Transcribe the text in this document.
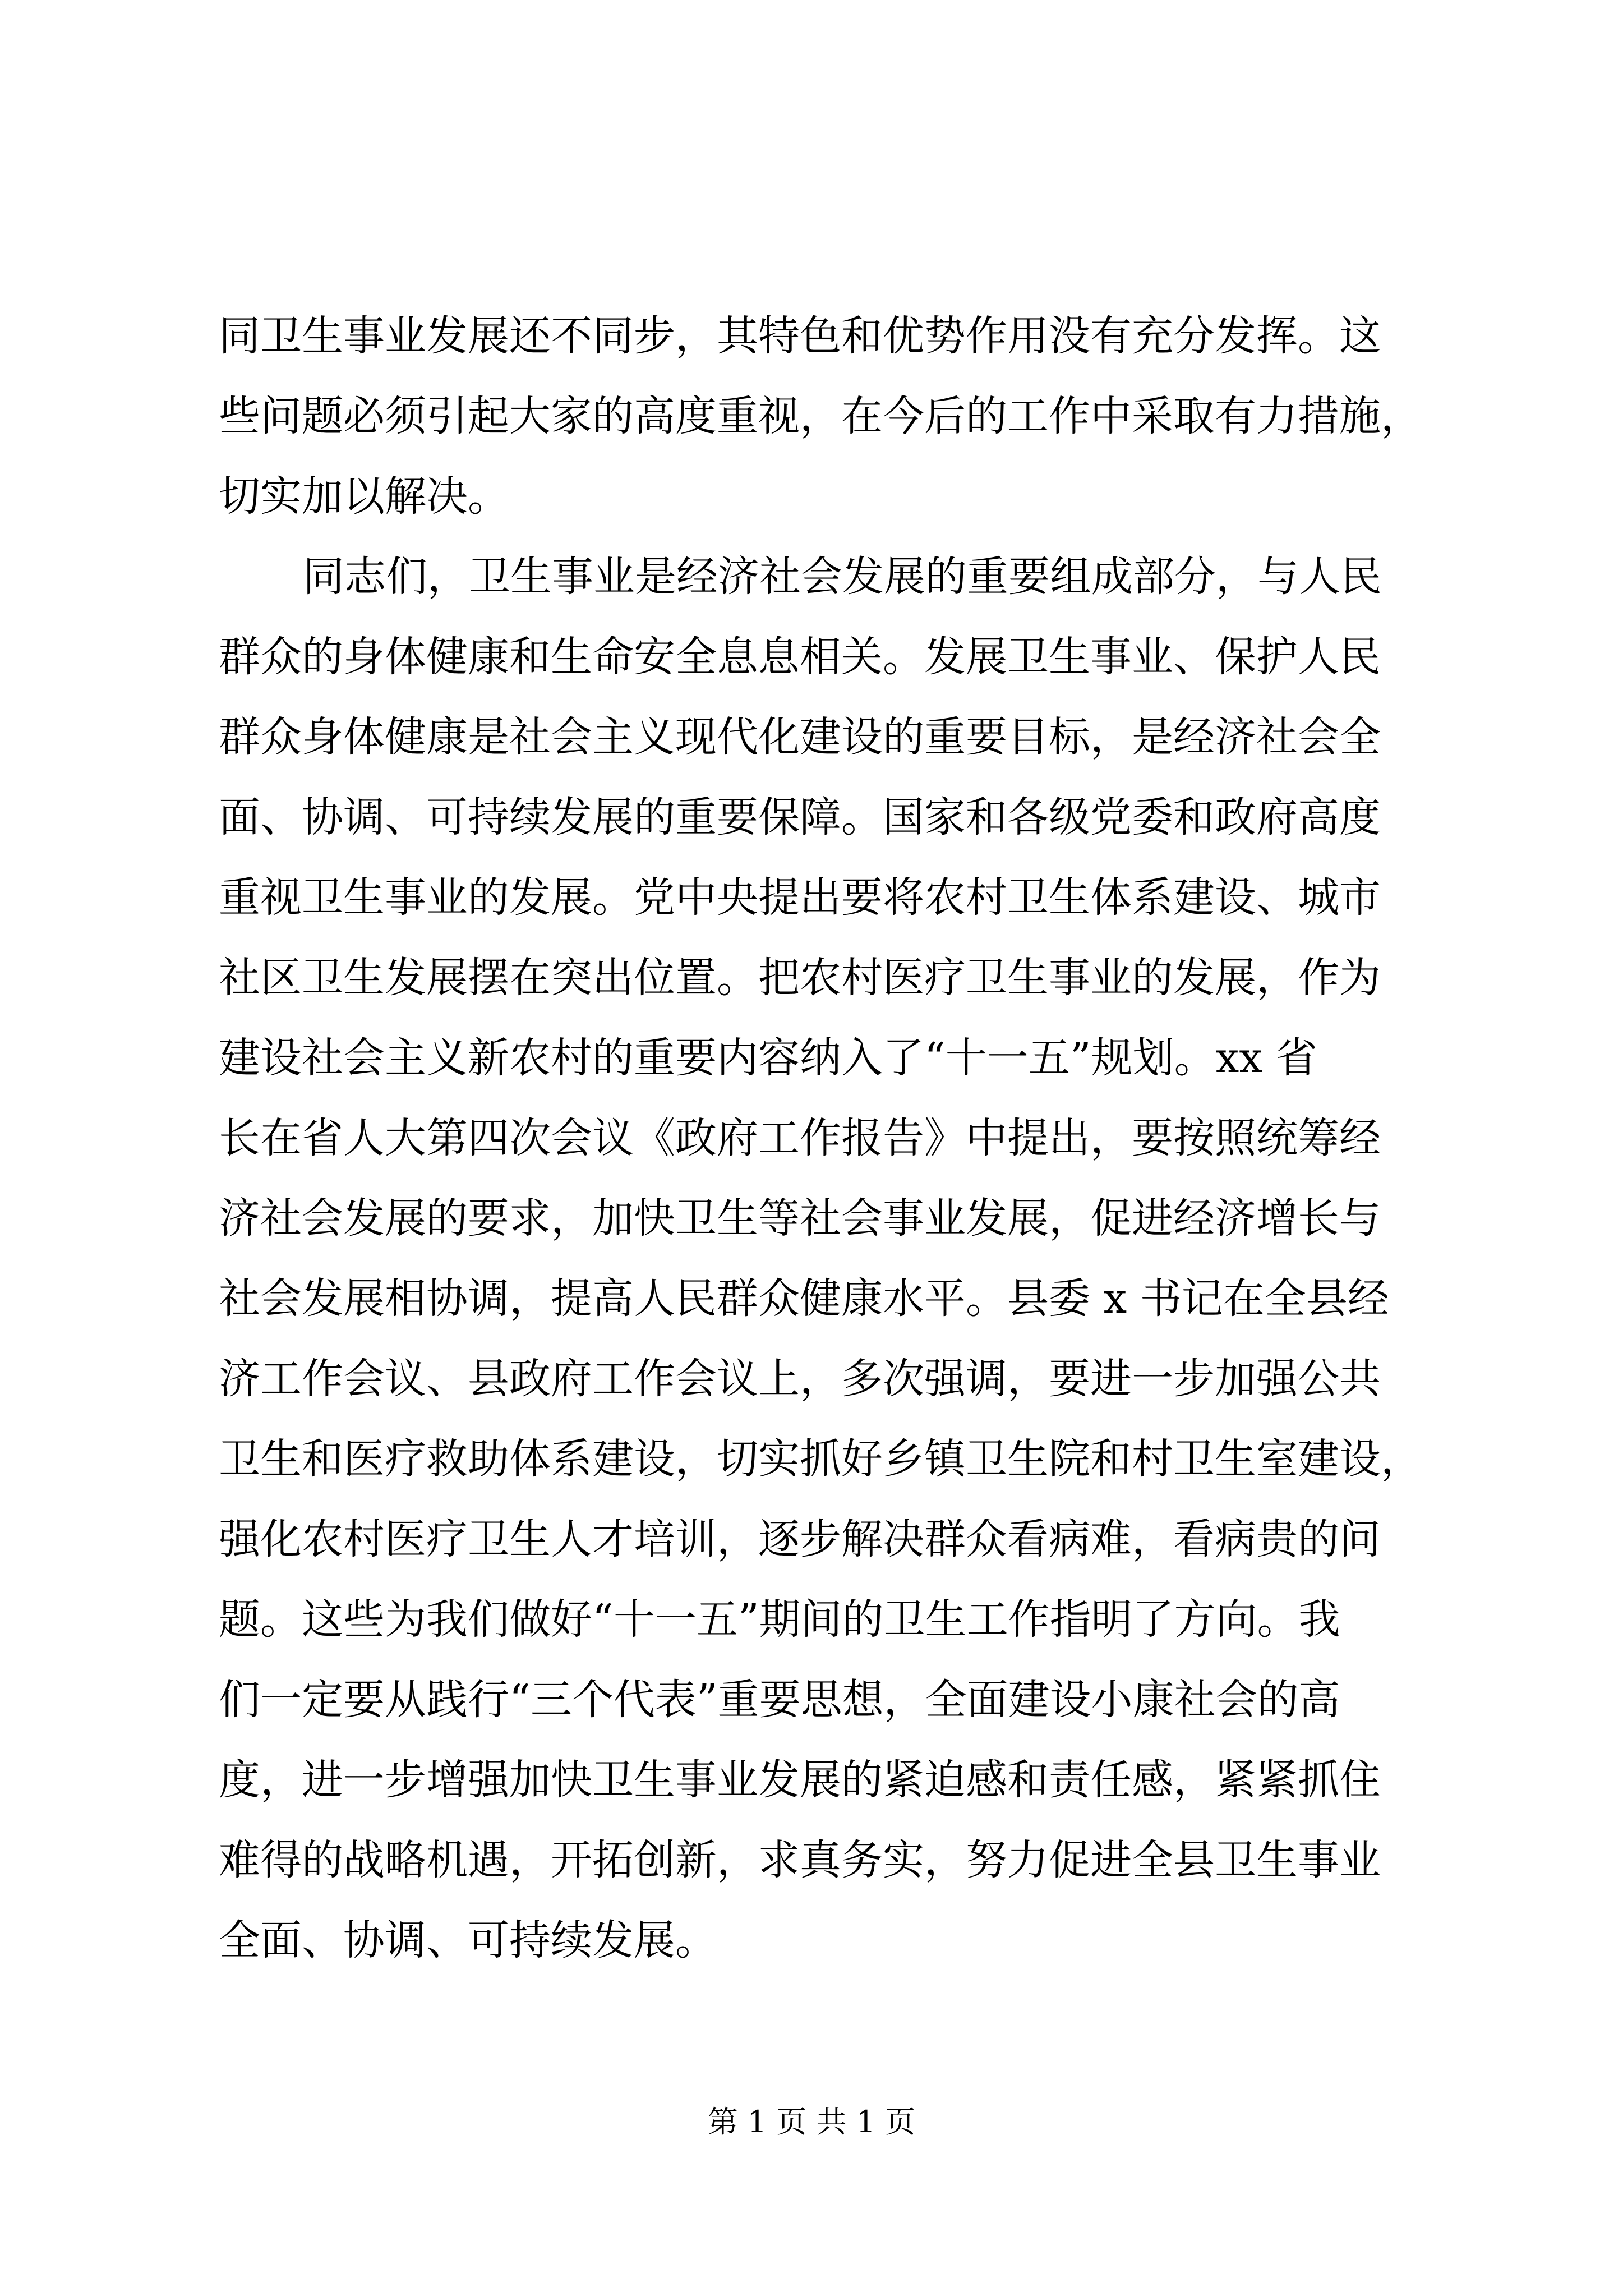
同卫生事业发展还不同步，其特色和优势作用没有充分发挥。这
些问题必须引起大家的高度重视，在今后的工作中采取有力措施，
切实加以解决。
同志们，卫生事业是经济社会发展的重要组成部分，与人民
群众的身体健康和生命安全息息相关。发展卫生事业、保护人民
群众身体健康是社会主义现代化建设的重要目标，是经济社会全
面、协调、可持续发展的重要保障。国家和各级党委和政府高度
重视卫生事业的发展。党中央提出要将农村卫生体系建设、城市
社区卫生发展摆在突出位置。把农村医疗卫生事业的发展，作为
建设社会主义新农村的重要内容纳入了“十一五”规划。xx 省
长在省人大第四次会议《政府工作报告》中提出，要按照统筹经
济社会发展的要求，加快卫生等社会事业发展，促进经济增长与
社会发展相协调，提高人民群众健康水平。县委 x 书记在全县经
济工作会议、县政府工作会议上，多次强调，要进一步加强公共
卫生和医疗救助体系建设，切实抓好乡镇卫生院和村卫生室建设，
强化农村医疗卫生人才培训，逐步解决群众看病难，看病贵的问
题。这些为我们做好“十一五”期间的卫生工作指明了方向。我
们一定要从践行“三个代表”重要思想，全面建设小康社会的高
度，进一步增强加快卫生事业发展的紧迫感和责任感，紧紧抓住
难得的战略机遇，开拓创新，求真务实，努力促进全县卫生事业
全面、协调、可持续发展。
第 1 页 共 1 页
